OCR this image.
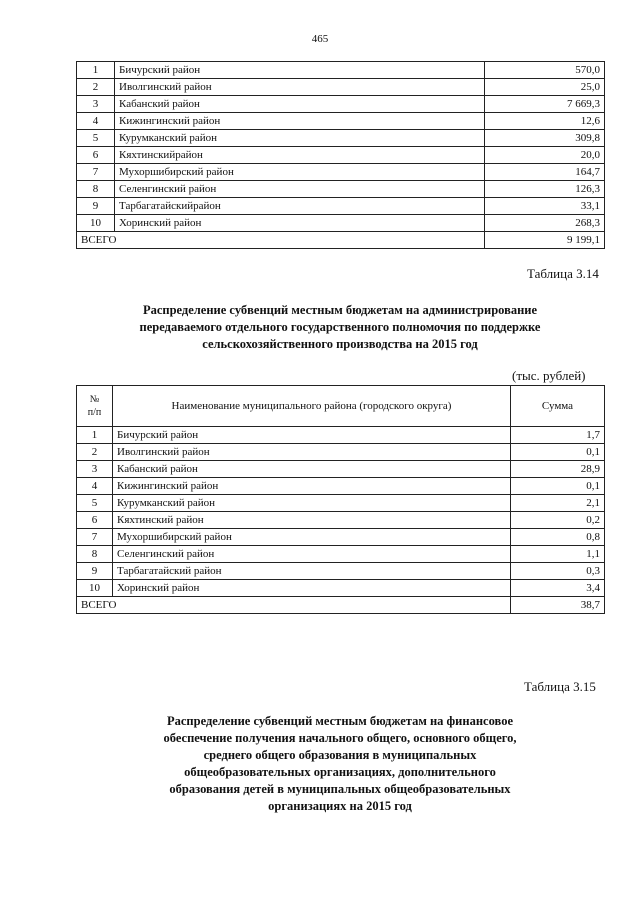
465
1	Бичурский район	570,0
2	Иволгинский район	25,0
3	Кабанский район	7 669,3
4	Кижингинский район	12,6
5	Курумканский район	309,8
6	Кяхтинскийрайон	20,0
7	Мухоршибирский район	164,7
8	Селенгинский район	126,3
9	Тарбагатайскийрайон	33,1
10	Хоринский район	268,3
ВСЕГО		9 199,1
Таблица 3.14
Распределение субвенций местным бюджетам на администрирование
передаваемого отдельного государственного полномочия по поддержке
сельскохозяйственного производства на 2015 год
(тыс. рублей)
№
п/п	Наименование муниципального района (городского округа)	Сумма
1	Бичурский район	1,7
2	Иволгинский район	0,1
3	Кабанский район	28,9
4	Кижингинский район	0,1
5	Курумканский район	2,1
6	Кяхтинский район	0,2
7	Мухоршибирский район	0,8
8	Селенгинский район	1,1
9	Тарбагатайский район	0,3
10	Хоринский район	3,4
ВСЕГО		38,7
Таблица 3.15
Распределение субвенций местным бюджетам на финансовое
обеспечение получения начального общего, основного общего,
среднего общего образования в муниципальных
общеобразовательных организациях, дополнительного
образования детей в муниципальных общеобразовательных
организациях на 2015 год
